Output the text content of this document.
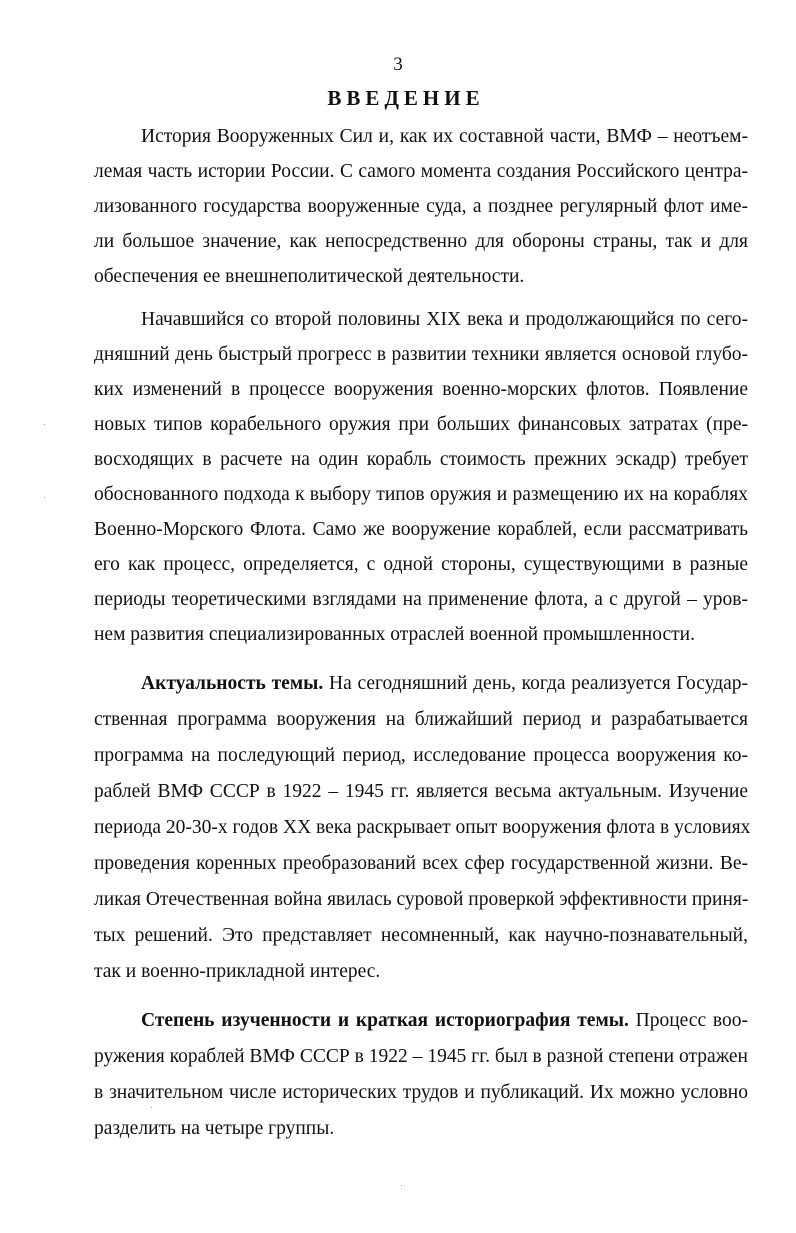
3
ВВЕДЕНИЕ
История Вооруженных Сил и, как их составной части, ВМФ – неотъем-
лемая часть истории России. С самого момента создания Российского центра-
лизованного государства вооруженные суда, а позднее регулярный флот име-
ли большое значение, как непосредственно для обороны страны, так и для
обеспечения ее внешнеполитической деятельности.
Начавшийся со второй половины XIX века и продолжающийся по сего-
дняшний день быстрый прогресс в развитии техники является основой глубо-
ких изменений в процессе вооружения военно-морских флотов. Появление
новых типов корабельного оружия при больших финансовых затратах (пре-
восходящих в расчете на один корабль стоимость прежних эскадр) требует
обоснованного подхода к выбору типов оружия и размещению их на кораблях
Военно-Морского Флота. Само же вооружение кораблей, если рассматривать
его как процесс, определяется, с одной стороны, существующими в разные
периоды теоретическими взглядами на применение флота, а с другой – уров-
нем развития специализированных отраслей военной промышленности.
Актуальность темы. На сегодняшний день, когда реализуется Государ-
ственная программа вооружения на ближайший период и разрабатывается
программа на последующий период, исследование процесса вооружения ко-
раблей ВМФ СССР в 1922 – 1945 гг. является весьма актуальным. Изучение
периода 20-30-х годов XX века раскрывает опыт вооружения флота в условиях
проведения коренных преобразований всех сфер государственной жизни. Ве-
ликая Отечественная война явилась суровой проверкой эффективности приня-
тых решений. Это представляет несомненный, как научно-познавательный,
так и военно-прикладной интерес.
Степень изученности и краткая историография темы. Процесс воо-
ружения кораблей ВМФ СССР в 1922 – 1945 гг. был в разной степени отражен
в значительном числе исторических трудов и публикаций. Их можно условно
разделить на четыре группы.
